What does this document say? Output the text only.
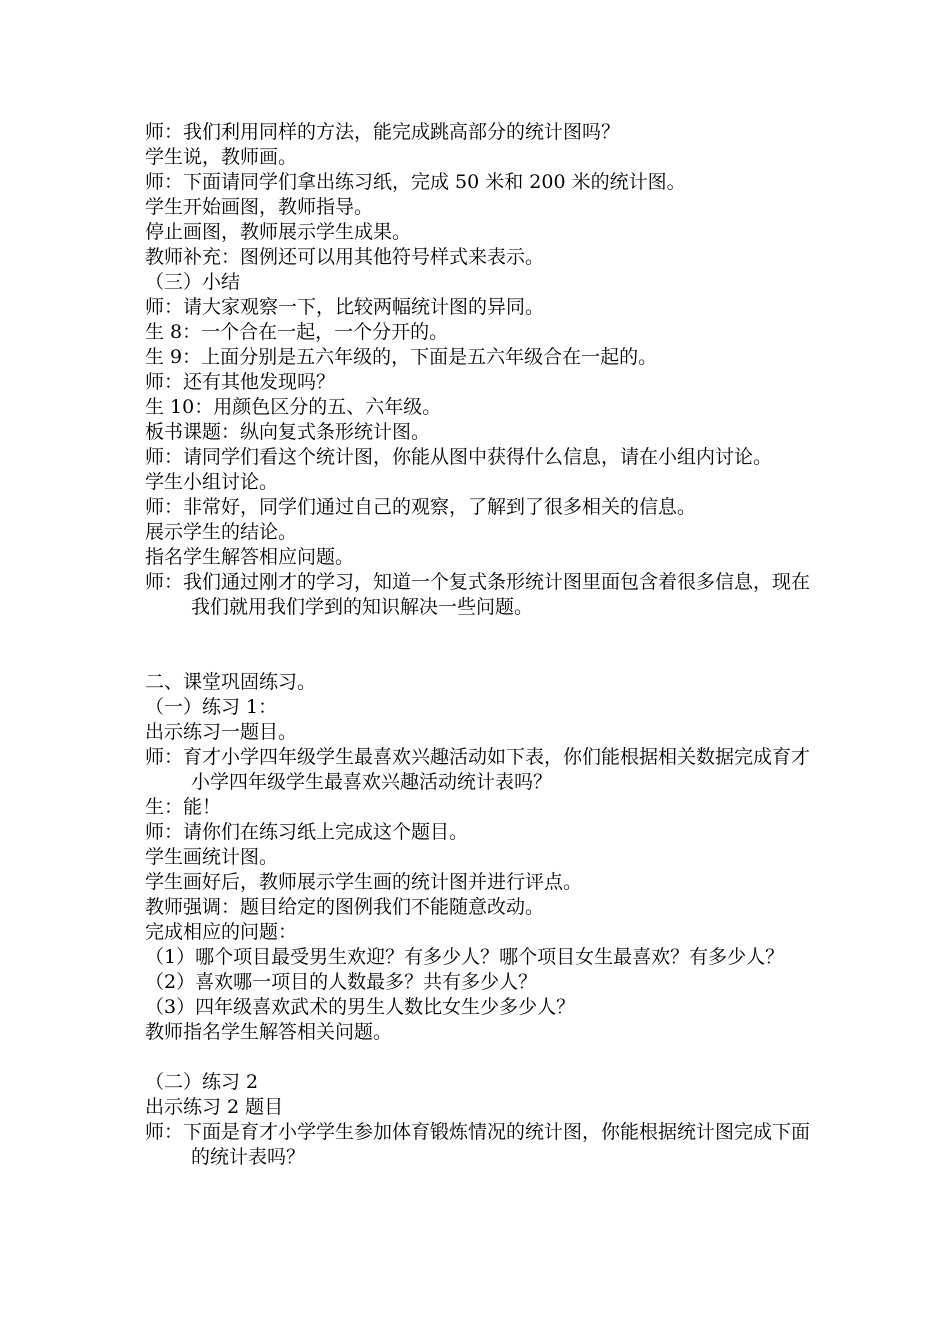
师：我们利用同样的方法，能完成跳高部分的统计图吗？

学生说，教师画。

师：下面请同学们拿出练习纸，完成 50 米和 200 米的统计图。

学生开始画图，教师指导。

停止画图，教师展示学生成果。

教师补充：图例还可以用其他符号样式来表示。

（三）小结

师：请大家观察一下，比较两幅统计图的异同。

生 8：一个合在一起，一个分开的。

生 9：上面分别是五六年级的，下面是五六年级合在一起的。

师：还有其他发现吗？

生 10：用颜色区分的五、六年级。

板书课题：纵向复式条形统计图。

师：请同学们看这个统计图，你能从图中获得什么信息，请在小组内讨论。

学生小组讨论。

师：非常好，同学们通过自己的观察，了解到了很多相关的信息。

展示学生的结论。

指名学生解答相应问题。

师：我们通过刚才的学习，知道一个复式条形统计图里面包含着很多信息，现在我们就用我们学到的知识解决一些问题。

二、课堂巩固练习。

（一）练习 1：

出示练习一题目。

师：育才小学四年级学生最喜欢兴趣活动如下表，你们能根据相关数据完成育才小学四年级学生最喜欢兴趣活动统计表吗？

生：能！

师：请你们在练习纸上完成这个题目。

学生画统计图。

学生画好后，教师展示学生画的统计图并进行评点。

教师强调：题目给定的图例我们不能随意改动。

完成相应的问题：

（1）哪个项目最受男生欢迎？有多少人？哪个项目女生最喜欢？有多少人？

（2）喜欢哪一项目的人数最多？共有多少人？

（3）四年级喜欢武术的男生人数比女生少多少人？

教师指名学生解答相关问题。

（二）练习 2

出示练习 2 题目

师：下面是育才小学学生参加体育锻炼情况的统计图，你能根据统计图完成下面的统计表吗？
